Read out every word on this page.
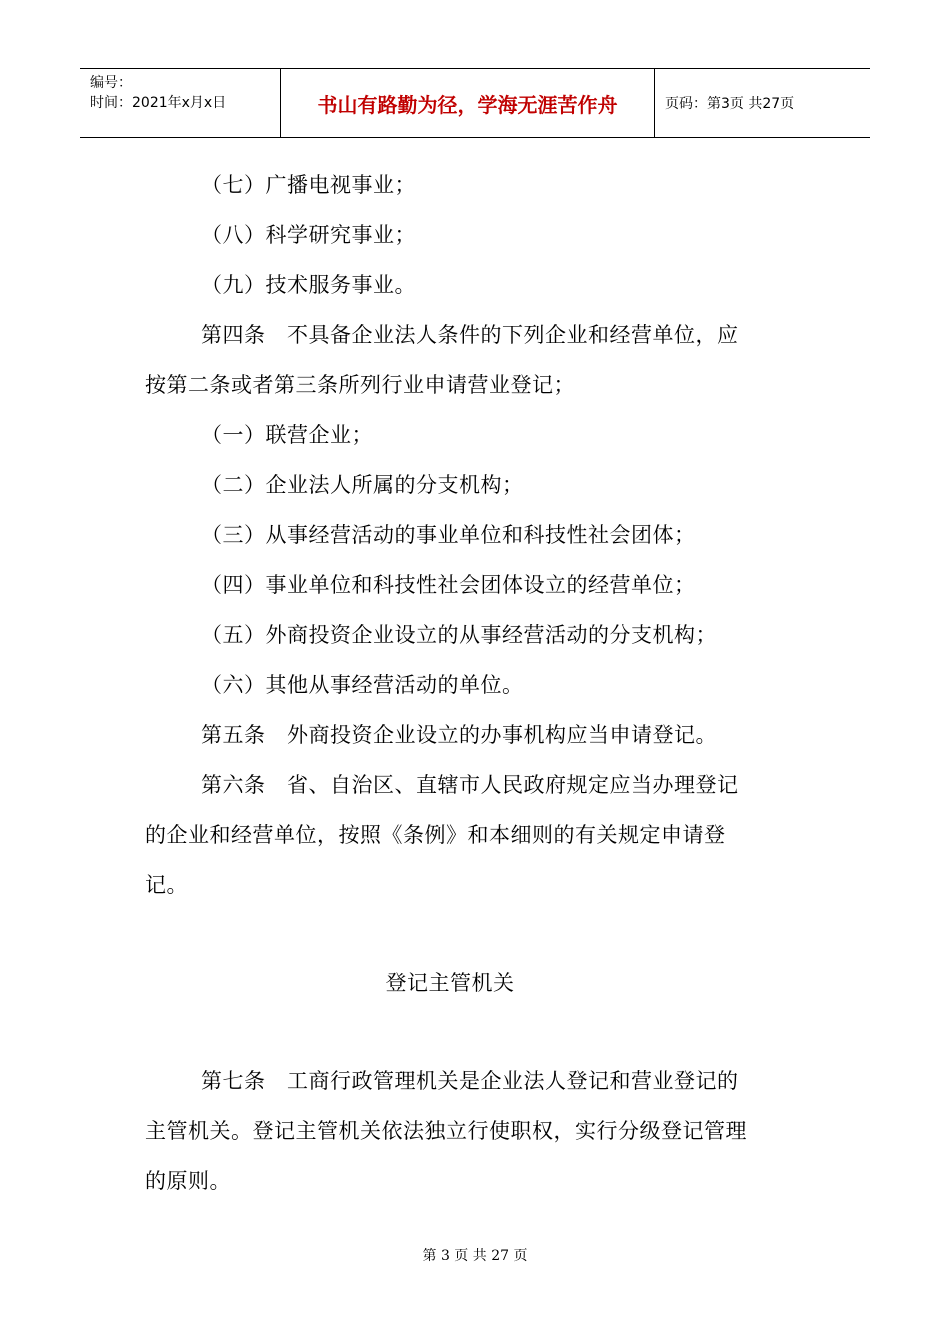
编号：
时间：2021年x月x日	书山有路勤为径，学海无涯苦作舟	页码：第3页 共27页

（七）广播电视事业；

（八）科学研究事业；

（九）技术服务事业。

第四条　不具备企业法人条件的下列企业和经营单位，应按第二条或者第三条所列行业申请营业登记；

（一）联营企业；

（二）企业法人所属的分支机构；

（三）从事经营活动的事业单位和科技性社会团体；

（四）事业单位和科技性社会团体设立的经营单位；

（五）外商投资企业设立的从事经营活动的分支机构；

（六）其他从事经营活动的单位。

第五条　外商投资企业设立的办事机构应当申请登记。

第六条　省、自治区、直辖市人民政府规定应当办理登记的企业和经营单位，按照《条例》和本细则的有关规定申请登记。

登记主管机关

第七条　工商行政管理机关是企业法人登记和营业登记的主管机关。登记主管机关依法独立行使职权，实行分级登记管理的原则。

第 3 页 共 27 页
